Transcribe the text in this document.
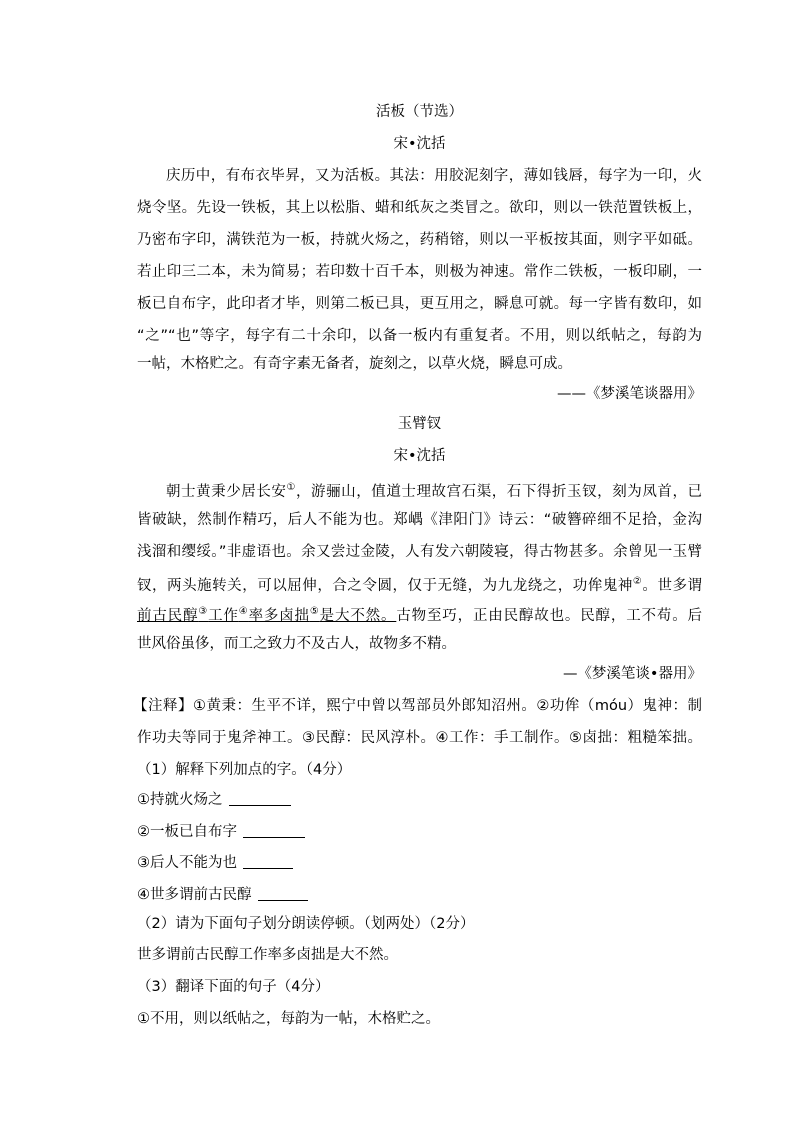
活板（节选）
宋•沈括
庆历中，有布衣毕昇，又为活板。其法：用胶泥刻字，薄如钱唇，每字为一印，火
烧令坚。先设一铁板，其上以松脂、蜡和纸灰之类冒之。欲印，则以一铁范置铁板上，
乃密布字印，满铁范为一板，持就火炀之，药稍镕，则以一平板按其面，则字平如砥。
若止印三二本，未为简易；若印数十百千本，则极为神速。常作二铁板，一板印刷，一
板已自布字，此印者才毕，则第二板已具，更互用之，瞬息可就。每一字皆有数印，如
“之”“也”等字，每字有二十余印，以备一板内有重复者。不用，则以纸帖之，每韵为
一帖，木格贮之。有奇字素无备者，旋刻之，以草火烧，瞬息可成。
——《梦溪笔谈器用》
玉臂钗
宋•沈括
朝士黄秉少居长安①，游骊山，值道士理故宫石渠，石下得折玉钗，刻为凤首，已
皆破缺，然制作精巧，后人不能为也。郑嵎《津阳门》诗云：“破簪碎细不足拾，金沟
浅溜和缨绥。”非虚语也。余又尝过金陵，人有发六朝陵寝，得古物甚多。余曾见一玉臂
钗，两头施转关，可以屈伸，合之令圆，仅于无缝，为九龙绕之，功侔鬼神②。世多谓
前古民醇③工作④率多卤拙⑤是大不然。古物至巧，正由民醇故也。民醇，工不苟。后
世风俗虽侈，而工之致力不及古人，故物多不精。
—《梦溪笔谈•器用》
【注释】①黄秉：生平不详，熙宁中曾以驾部员外郎知沼州。②功侔（móu）鬼神：制
作功夫等同于鬼斧神工。③民醇：民风淳朴。④工作：手工制作。⑤卤拙：粗糙笨拙。
（1）解释下列加点的字。（4分）
①持就火炀之
②一板已自布字
③后人不能为也
④世多谓前古民醇
（2）请为下面句子划分朗读停顿。（划两处）（2分）
世多谓前古民醇工作率多卤拙是大不然。
（3）翻译下面的句子（4分）
①不用，则以纸帖之，每韵为一帖，木格贮之。
